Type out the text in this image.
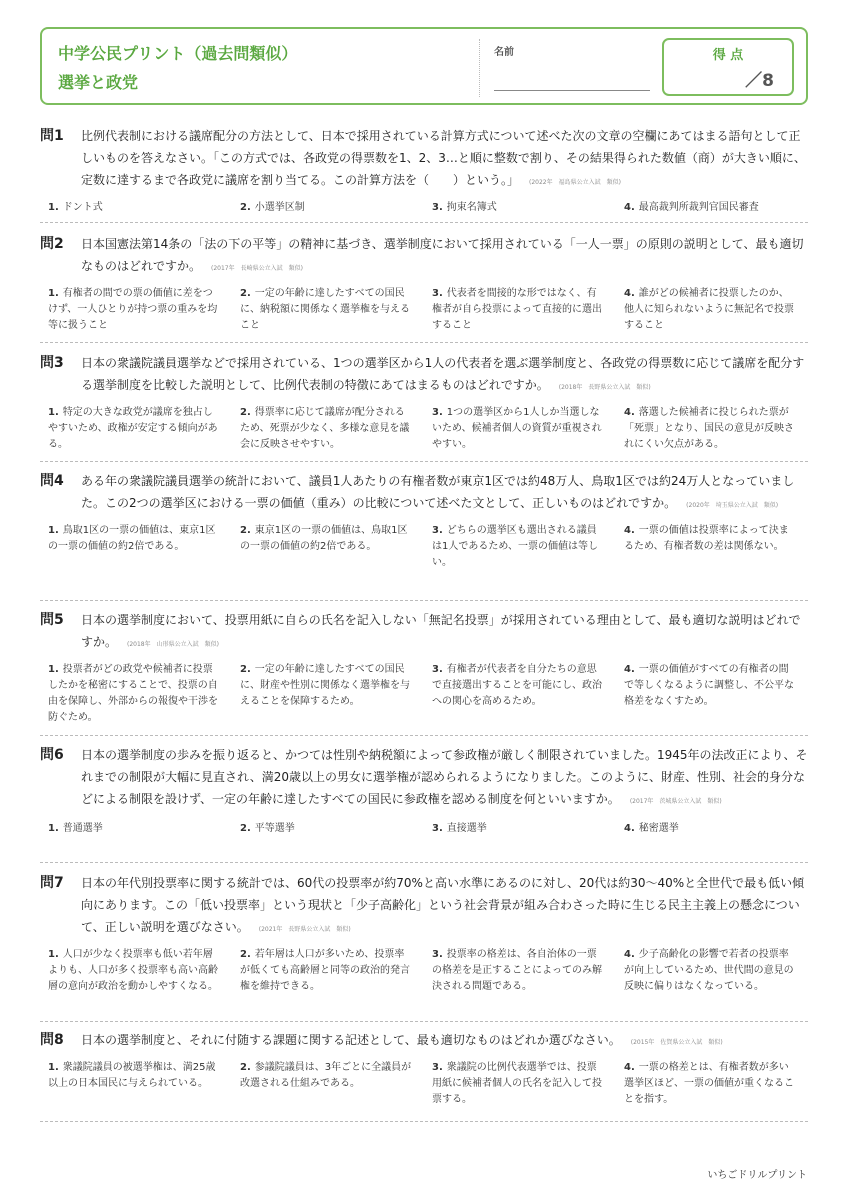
中学公民プリント（過去問類似）
選挙と政党
名前	得 点
／8
問1 比例代表制における議席配分の方法として、日本で採用されている計算方式について述べた次の文章の空欄にあてはまる語句として正しいものを答えなさい。「この方式では、各政党の得票数を1、2、3…と順に整数で割り、その結果得られた数値（商）が大きい順に、定数に達するまで各政党に議席を割り当てる。この計算方法を（　　）という。」 (2022年　福島県公立入試　類似)
1. ドント式	2. 小選挙区制	3. 拘束名簿式	4. 最高裁判所裁判官国民審査
問2 日本国憲法第14条の「法の下の平等」の精神に基づき、選挙制度において採用されている「一人一票」の原則の説明として、最も適切なものはどれですか。 (2017年　長崎県公立入試　類似)
1. 有権者の間での票の価値に差をつけず、一人ひとりが持つ票の重みを均等に扱うこと
2. 一定の年齢に達したすべての国民に、納税額に関係なく選挙権を与えること
3. 代表者を間接的な形ではなく、有権者が自ら投票によって直接的に選出すること
4. 誰がどの候補者に投票したのか、他人に知られないように無記名で投票すること
問3 日本の衆議院議員選挙などで採用されている、1つの選挙区から1人の代表者を選ぶ選挙制度と、各政党の得票数に応じて議席を配分する選挙制度を比較した説明として、比例代表制の特徴にあてはまるものはどれですか。 (2018年　長野県公立入試　類似)
1. 特定の大きな政党が議席を独占しやすいため、政権が安定する傾向がある。
2. 得票率に応じて議席が配分されるため、死票が少なく、多様な意見を議会に反映させやすい。
3. 1つの選挙区から1人しか当選しないため、候補者個人の資質が重視されやすい。
4. 落選した候補者に投じられた票が「死票」となり、国民の意見が反映されにくい欠点がある。
問4 ある年の衆議院議員選挙の統計において、議員1人あたりの有権者数が東京1区では約48万人、鳥取1区では約24万人となっていました。この2つの選挙区における一票の価値（重み）の比較について述べた文として、正しいものはどれですか。 (2020年　埼玉県公立入試　類似)
1. 鳥取1区の一票の価値は、東京1区の一票の価値の約2倍である。
2. 東京1区の一票の価値は、鳥取1区の一票の価値の約2倍である。
3. どちらの選挙区も選出される議員は1人であるため、一票の価値は等しい。
4. 一票の価値は投票率によって決まるため、有権者数の差は関係ない。
問5 日本の選挙制度において、投票用紙に自らの氏名を記入しない「無記名投票」が採用されている理由として、最も適切な説明はどれですか。 (2018年　山形県公立入試　類似)
1. 投票者がどの政党や候補者に投票したかを秘密にすることで、投票の自由を保障し、外部からの報復や干渉を防ぐため。
2. 一定の年齢に達したすべての国民に、財産や性別に関係なく選挙権を与えることを保障するため。
3. 有権者が代表者を自分たちの意思で直接選出することを可能にし、政治への関心を高めるため。
4. 一票の価値がすべての有権者の間で等しくなるように調整し、不公平な格差をなくすため。
問6 日本の選挙制度の歩みを振り返ると、かつては性別や納税額によって参政権が厳しく制限されていました。1945年の法改正により、それまでの制限が大幅に見直され、満20歳以上の男女に選挙権が認められるようになりました。このように、財産、性別、社会的身分などによる制限を設けず、一定の年齢に達したすべての国民に参政権を認める制度を何といいますか。 (2017年　茨城県公立入試　類似)
1. 普通選挙	2. 平等選挙	3. 直接選挙	4. 秘密選挙
問7 日本の年代別投票率に関する統計では、60代の投票率が約70%と高い水準にあるのに対し、20代は約30〜40%と全世代で最も低い傾向にあります。この「低い投票率」という現状と「少子高齢化」という社会背景が組み合わさった時に生じる民主主義上の懸念について、正しい説明を選びなさい。 (2021年　長野県公立入試　類似)
1. 人口が少なく投票率も低い若年層よりも、人口が多く投票率も高い高齢層の意向が政治を動かしやすくなる。
2. 若年層は人口が多いため、投票率が低くても高齢層と同等の政治的発言権を維持できる。
3. 投票率の格差は、各自治体の一票の格差を是正することによってのみ解決される問題である。
4. 少子高齢化の影響で若者の投票率が向上しているため、世代間の意見の反映に偏りはなくなっている。
問8 日本の選挙制度と、それに付随する課題に関する記述として、最も適切なものはどれか選びなさい。 (2015年　佐賀県公立入試　類似)
1. 衆議院議員の被選挙権は、満25歳以上の日本国民に与えられている。
2. 参議院議員は、3年ごとに全議員が改選される仕組みである。
3. 衆議院の比例代表選挙では、投票用紙に候補者個人の氏名を記入して投票する。
4. 一票の格差とは、有権者数が多い選挙区ほど、一票の価値が重くなることを指す。
いちごドリルプリント
